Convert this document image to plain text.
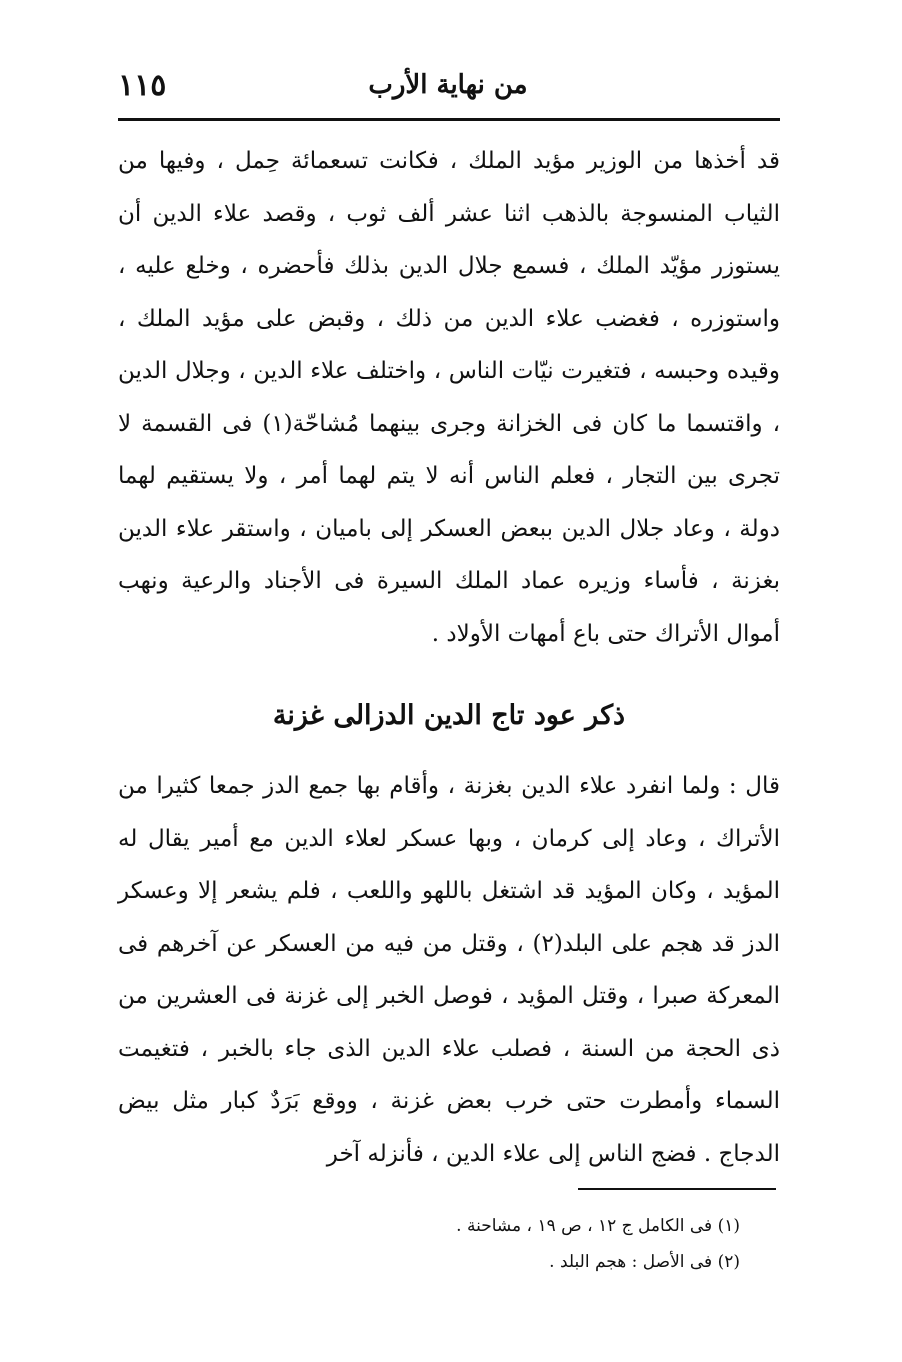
١١٥	من نهاية الأرب

قد أخذها من الوزير مؤيد الملك ، فكانت تسعمائة حِمل ، وفيها من الثياب المنسوجة بالذهب اثنا عشر ألف ثوب ، وقصد علاء الدين أن يستوزر مؤيّد الملك ، فسمع جلال الدين بذلك فأحضره ، وخلع عليه ، واستوزره ، فغضب علاء الدين من ذلك ، وقبض على مؤيد الملك ، وقيده وحبسه ، فتغيرت نيّات الناس ، واختلف علاء الدين ، وجلال الدين ، واقتسما ما كان فى الخزانة وجرى بينهما مُشاحّة(١) فى القسمة لا تجرى بين التجار ، فعلم الناس أنه لا يتم لهما أمر ، ولا يستقيم لهما دولة ، وعاد جلال الدين ببعض العسكر إلى باميان ، واستقر علاء الدين بغزنة ، فأساء وزيره عماد الملك السيرة فى الأجناد والرعية ونهب أموال الأتراك حتى باع أمهات الأولاد .

ذكر عود تاج الدين الدزالى غزنة

قال : ولما انفرد علاء الدين بغزنة ، وأقام بها جمع الدز جمعا كثيرا من الأتراك ، وعاد إلى كرمان ، وبها عسكر لعلاء الدين مع أمير يقال له المؤيد ، وكان المؤيد قد اشتغل باللهو واللعب ، فلم يشعر إلا وعسكر الدز قد هجم على البلد(٢) ، وقتل من فيه من العسكر عن آخرهم فى المعركة صبرا ، وقتل المؤيد ، فوصل الخبر إلى غزنة فى العشرين من ذى الحجة من السنة ، فصلب علاء الدين الذى جاء بالخبر ، فتغيمت السماء وأمطرت حتى خرب بعض غزنة ، ووقع بَرَدٌ كبار مثل بيض الدجاج . فضج الناس إلى علاء الدين ، فأنزله آخر

(١) فى الكامل ج ١٢ ، ص ١٩ ، مشاحنة .
(٢) فى الأصل : هجم البلد .
